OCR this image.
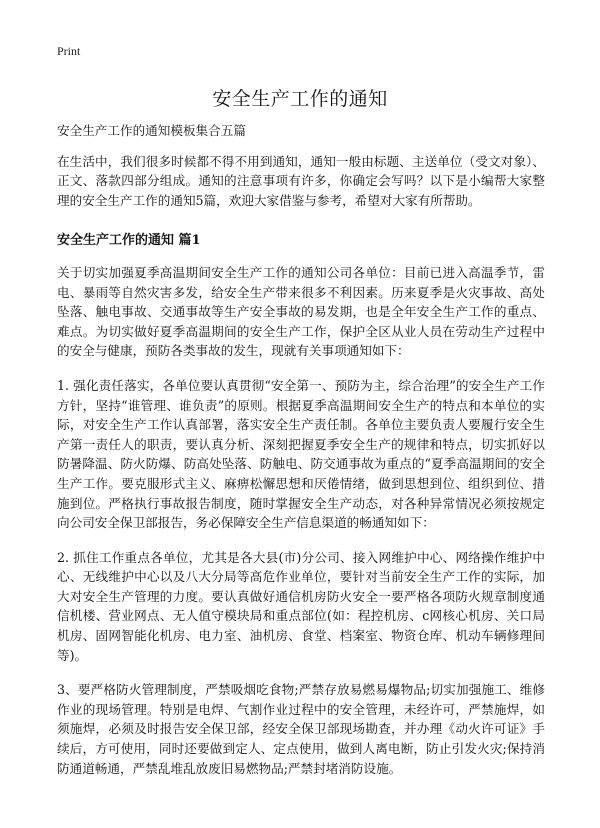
Print
安全生产工作的通知

安全生产工作的通知模板集合五篇

在生活中，我们很多时候都不得不用到通知，通知一般由标题、主送单位（受文对象）、正文、落款四部分组成。通知的注意事项有许多，你确定会写吗？以下是小编帮大家整理的安全生产工作的通知5篇，欢迎大家借鉴与参考，希望对大家有所帮助。

安全生产工作的通知 篇1

关于切实加强夏季高温期间安全生产工作的通知公司各单位：目前已进入高温季节，雷电、暴雨等自然灾害多发，给安全生产带来很多不利因素。历来夏季是火灾事故、高处坠落、触电事故、交通事故等生产安全事故的易发期，也是全年安全生产工作的重点、难点。为切实做好夏季高温期间的安全生产工作，保护全区从业人员在劳动生产过程中的安全与健康，预防各类事故的发生，现就有关事项通知如下：

1. 强化责任落实，各单位要认真贯彻“安全第一、预防为主，综合治理”的安全生产工作方针，坚持“谁管理、谁负责”的原则。根据夏季高温期间安全生产的特点和本单位的实际，对安全生产工作认真部署，落实安全生产责任制。各单位主要负责人要履行安全生产第一责任人的职责，要认真分析、深刻把握夏季安全生产的规律和特点，切实抓好以防暑降温、防火防爆、防高处坠落、防触电、防交通事故为重点的“夏季高温期间的安全生产工作。要克服形式主义、麻痹松懈思想和厌倦情绪，做到思想到位、组织到位、措施到位。严格执行事故报告制度，随时掌握安全生产动态，对各种异常情况必须按规定向公司安全保卫部报告，务必保障安全生产信息渠道的畅通知如下：

2. 抓住工作重点各单位，尤其是各大县(市)分公司、接入网维护中心、网络操作维护中心、无线维护中心以及八大分局等高危作业单位，要针对当前安全生产工作的实际，加大对安全生产管理的力度。要认真做好通信机房防火安全一要严格各项防火规章制度通信机楼、营业网点、无人值守模块局和重点部位(如：程控机房、c网核心机房、关口局机房、固网智能化机房、电力室、油机房、食堂、档案室、物资仓库、机动车辆修理间等)。

3、要严格防火管理制度，严禁吸烟吃食物;严禁存放易燃易爆物品;切实加强施工、维修作业的现场管理。特别是电焊、气割作业过程中的安全管理，未经许可，严禁施焊，如须施焊，必须及时报告安全保卫部，经安全保卫部现场勘查，并办理《动火许可证》手续后，方可使用，同时还要做到定人、定点使用，做到人离电断，防止引发火灾;保持消防通道畅通，严禁乱堆乱放废旧易燃物品;严禁封堵消防设施。
